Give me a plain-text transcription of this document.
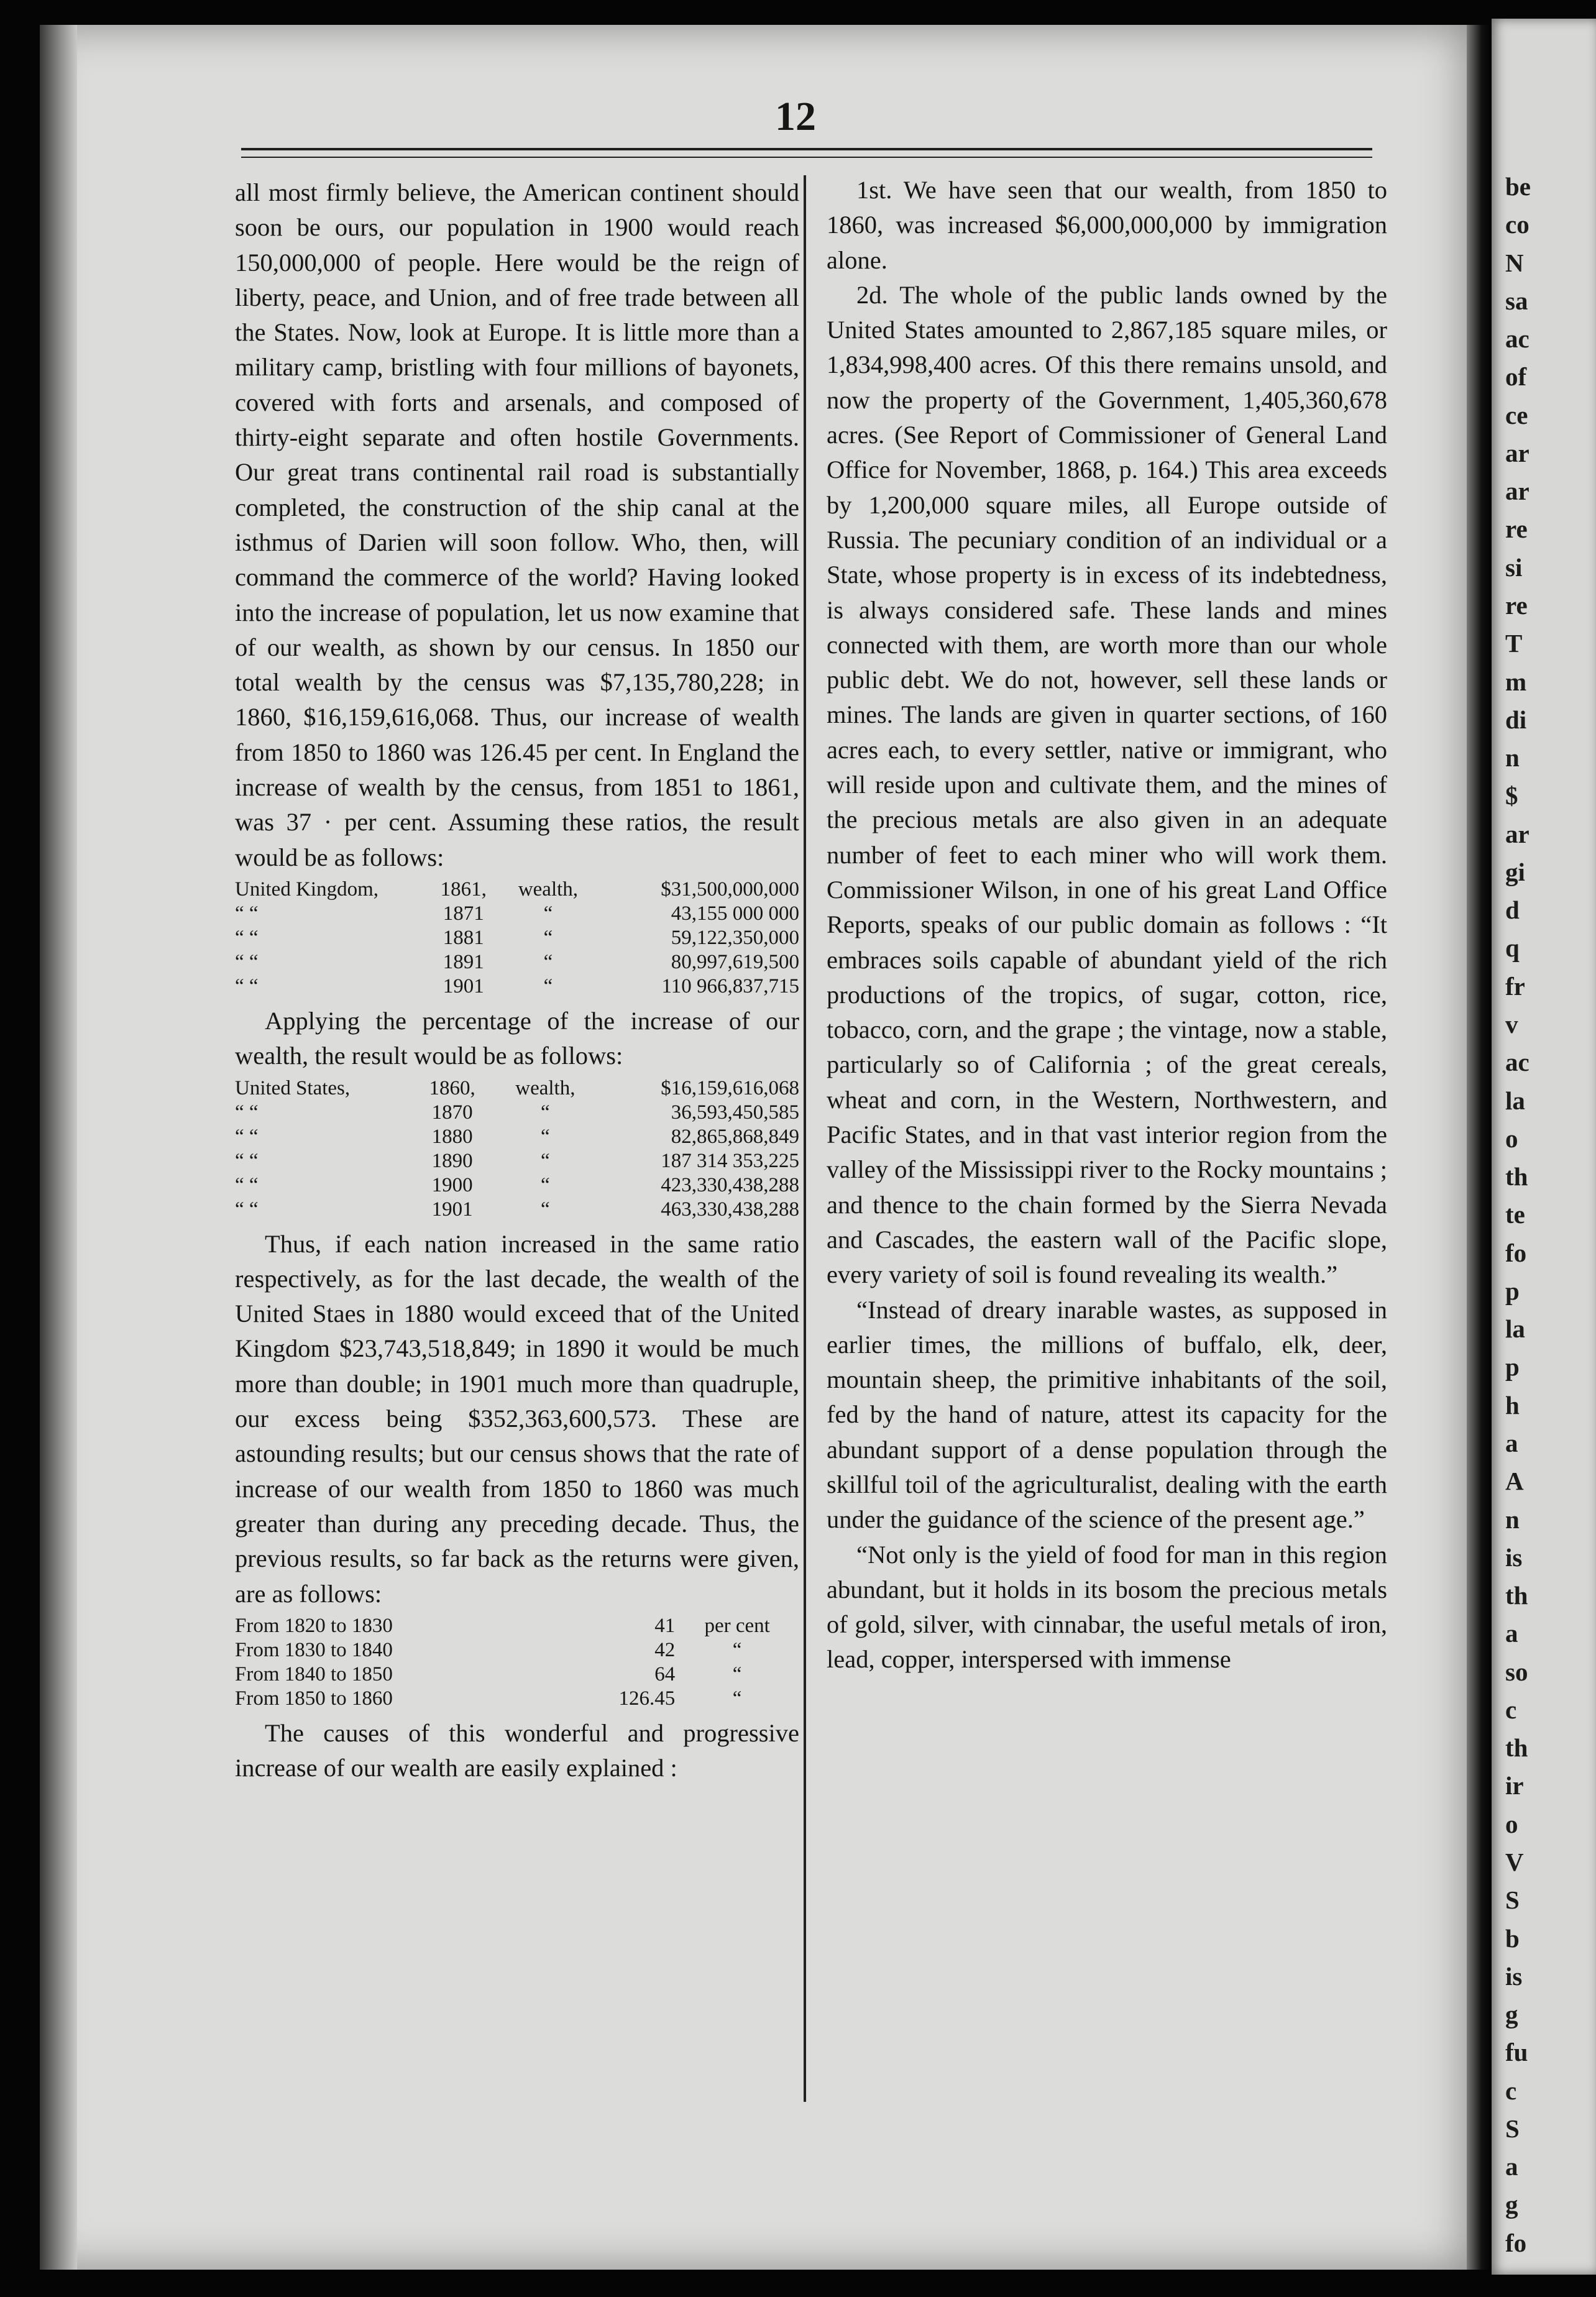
be
co
N
sa
ac
of
ce
ar
ar
re
si
re
T
m
di
n
$
ar
gi
d
q
fr
v
ac
la
o
th
te
fo
p
la
p
h
a
A
n
is
th
a
so
c
th
ir
o
V
S
b
is
g
fu
c
S
a
g
fo
12

all most firmly believe, the American continent should soon be ours, our population in 1900 would reach 150,000,000 of people. Here would be the reign of liberty, peace, and Union, and of free trade between all the States. Now, look at Europe. It is little more than a military camp, bristling with four millions of bayonets, covered with forts and arsenals, and composed of thirty-eight separate and often hostile Governments. Our great trans continental rail road is substantially completed, the construction of the ship canal at the isthmus of Darien will soon follow. Who, then, will command the commerce of the world? Having looked into the increase of population, let us now examine that of our wealth, as shown by our census. In 1850 our total wealth by the census was $7,135,780,228; in 1860, $16,159,616,068. Thus, our increase of wealth from 1850 to 1860 was 126.45 per cent. In England the increase of wealth by the census, from 1851 to 1861, was 37 · per cent. Assuming these ratios, the result would be as follows:

United Kingdom,	1861,	wealth,	$31,500,000,000
“ “	1871	“	43,155 000 000
“ “	1881	“	59,122,350,000
“ “	1891	“	80,997,619,500
“ “	1901	“	110 966,837,715

Applying the percentage of the increase of our wealth, the result would be as follows:

United States,	1860,	wealth,	$16,159,616,068
“ “	1870	“	36,593,450,585
“ “	1880	“	82,865,868,849
“ “	1890	“	187 314 353,225
“ “	1900	“	423,330,438,288
“ “	1901	“	463,330,438,288

Thus, if each nation increased in the same ratio respectively, as for the last decade, the wealth of the United Staes in 1880 would exceed that of the United Kingdom $23,743,518,849; in 1890 it would be much more than double; in 1901 much more than quadruple, our excess being $352,363,600,573. These are astounding results; but our census shows that the rate of increase of our wealth from 1850 to 1860 was much greater than during any preceding decade. Thus, the previous results, so far back as the returns were given, are as follows:

From 1820 to 1830	41	per cent
From 1830 to 1840	42	“
From 1840 to 1850	64	“
From 1850 to 1860	126.45	“

The causes of this wonderful and progressive increase of our wealth are easily explained :

1st. We have seen that our wealth, from 1850 to 1860, was increased $6,000,000,000 by immigration alone.

2d. The whole of the public lands owned by the United States amounted to 2,867,185 square miles, or 1,834,998,400 acres. Of this there remains unsold, and now the property of the Government, 1,405,360,678 acres. (See Report of Commissioner of General Land Office for November, 1868, p. 164.) This area exceeds by 1,200,000 square miles, all Europe outside of Russia. The pecuniary condition of an individual or a State, whose property is in excess of its indebtedness, is always considered safe. These lands and mines connected with them, are worth more than our whole public debt. We do not, however, sell these lands or mines. The lands are given in quarter sections, of 160 acres each, to every settler, native or immigrant, who will reside upon and cultivate them, and the mines of the precious metals are also given in an adequate number of feet to each miner who will work them. Commissioner Wilson, in one of his great Land Office Reports, speaks of our public domain as follows : “It embraces soils capable of abundant yield of the rich productions of the tropics, of sugar, cotton, rice, tobacco, corn, and the grape ; the vintage, now a stable, particularly so of California ; of the great cereals, wheat and corn, in the Western, Northwestern, and Pacific States, and in that vast interior region from the valley of the Mississippi river to the Rocky mountains ; and thence to the chain formed by the Sierra Nevada and Cascades, the eastern wall of the Pacific slope, every variety of soil is found revealing its wealth.”

“Instead of dreary inarable wastes, as supposed in earlier times, the millions of buffalo, elk, deer, mountain sheep, the primitive inhabitants of the soil, fed by the hand of nature, attest its capacity for the abundant support of a dense population through the skillful toil of the agriculturalist, dealing with the earth under the guidance of the science of the present age.”

“Not only is the yield of food for man in this region abundant, but it holds in its bosom the precious metals of gold, silver, with cinnabar, the useful metals of iron, lead, copper, interspersed with immense
